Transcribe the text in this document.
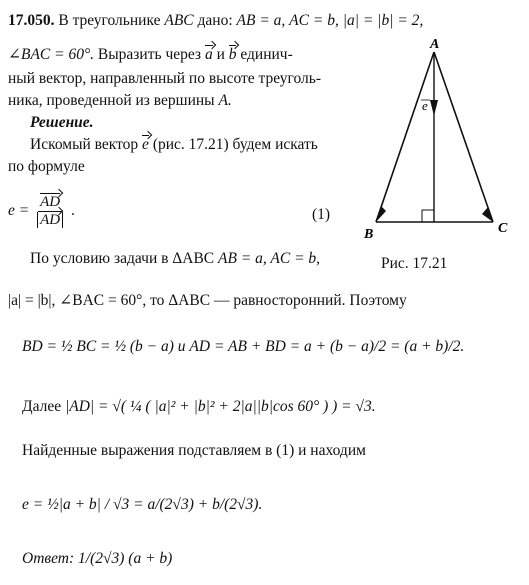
17.050. В треугольнике ABC дано: AB = a, AC = b, |a| = |b| = 2,
∠BAC = 60°. Выразить через a и b единич-
ный вектор, направленный по высоте треуголь-
ника, проведенной из вершины A.
Решение.
Искомый вектор e (рис. 17.21) будем искать
по формуле
$e = \frac{AD}{AD}$ .	(1)
По условию задачи в ΔABC AB = a, AC = b,
|a| = |b|, ∠BAC = 60°, то ΔABC — равносторонний. Поэтому
BD = ½ BC = ½ (b − a) и AD = AB + BD = a + (b − a)/2 = (a + b)/2.
Далее |AD| = √( ¼ ( |a|² + |b|² + 2|a||b|cos 60° ) ) = √3.
Найденные выражения подставляем в (1) и находим
e = ½|a + b| / √3 = a/(2√3) + b/(2√3).
Ответ: 1/(2√3) (a + b)
A
B	C
e
Рис. 17.21
